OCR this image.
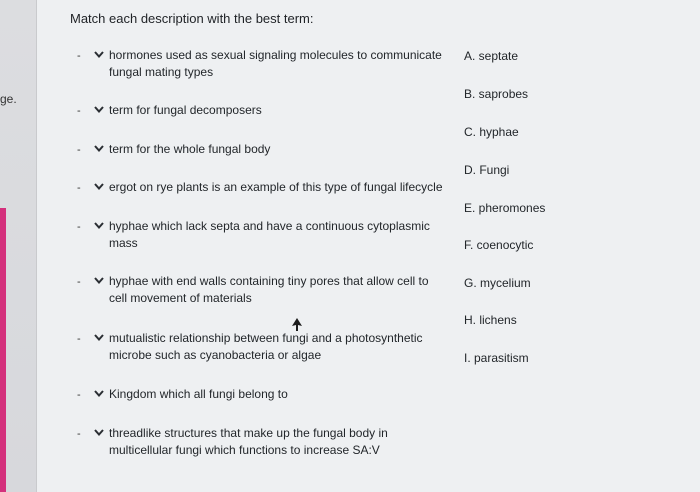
ge.
Match each description with the best term:
- hormones used as sexual signaling molecules to communicate fungal mating types
- term for fungal decomposers
- term for the whole fungal body
- ergot on rye plants is an example of this type of fungal lifecycle
- hyphae which lack septa and have a continuous cytoplasmic mass
- hyphae with end walls containing tiny pores that allow cell to cell movement of materials
- mutualistic relationship between fungi and a photosynthetic microbe such as cyanobacteria or algae
- Kingdom which all fungi belong to
- threadlike structures that make up the fungal body in multicellular fungi which functions to increase SA:V
A. septate
B. saprobes
C. hyphae
D. Fungi
E. pheromones
F. coenocytic
G. mycelium
H. lichens
I. parasitism
